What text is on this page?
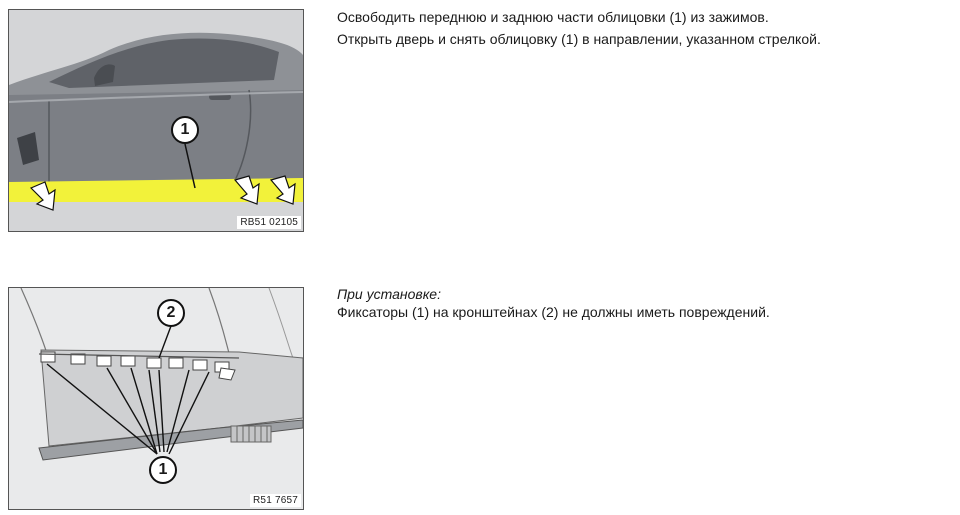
1
RB51 02105
Освободить переднюю и заднюю части облицовки (1) из зажимов.
Открыть дверь и снять облицовку (1) в направлении, указанном стрелкой.
2
1
R51 7657
При установке:
Фиксаторы (1) на кронштейнах (2) не должны иметь повреждений.
